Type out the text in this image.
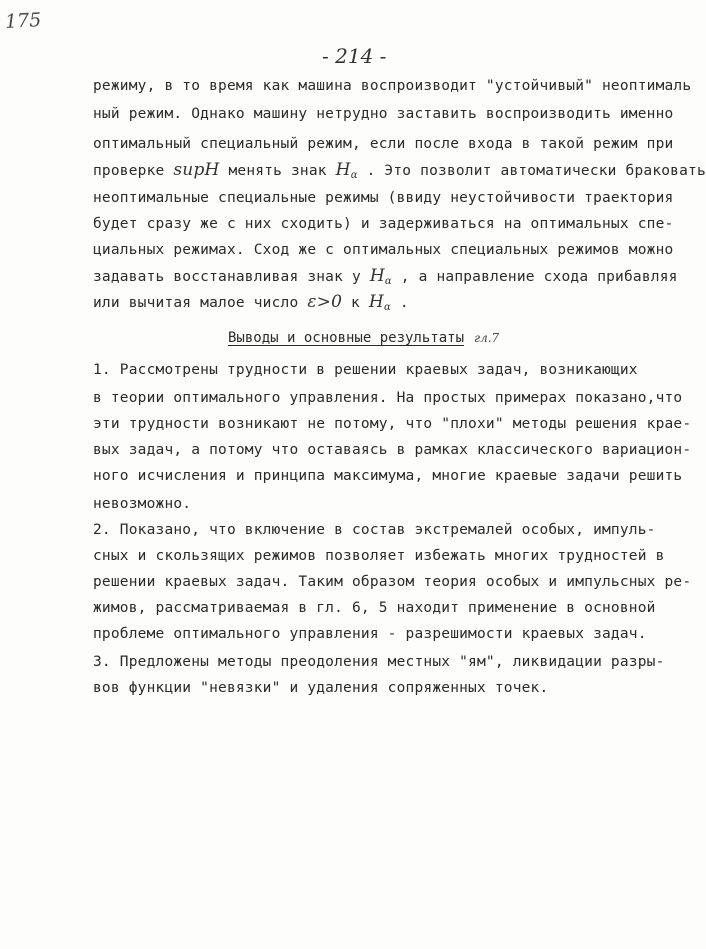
175
- 214 -
режиму, в то время как машина воспроизводит "устойчивый" неоптималь
ный режим. Однако машину нетрудно заставить воспроизводить именно
оптимальный специальный режим, если после входа в такой режим при
проверке supH менять знак $H_\alpha$ . Это позволит автоматически браковать
неоптимальные специальные режимы (ввиду неустойчивости траектория
будет сразу же с них сходить) и задерживаться на оптимальных спе-
циальных режимах. Сход же с оптимальных специальных режимов можно
задавать восстанавливая знак у $H_\alpha$ , а направление схода прибавляя
или вычитая малое число ε>0 к $H_\alpha$ .
Выводы и основные результаты гл.7
1. Рассмотрены трудности в решении краевых задач, возникающих
в теории оптимального управления. На простых примерах показано,что
эти трудности возникают не потому, что "плохи" методы решения крае-
вых задач, а потому что оставаясь в рамках классического вариацион-
ного исчисления и принципа максимума, многие краевые задачи решить
невозможно.
2. Показано, что включение в состав экстремалей особых, импуль-
сных и скользящих режимов позволяет избежать многих трудностей в
решении краевых задач. Таким образом теория особых и импульсных ре-
жимов, рассматриваемая в гл. 6, 5 находит применение в основной
проблеме оптимального управления - разрешимости краевых задач.
3. Предложены методы преодоления местных "ям", ликвидации разры-
вов функции "невязки" и удаления сопряженных точек.
